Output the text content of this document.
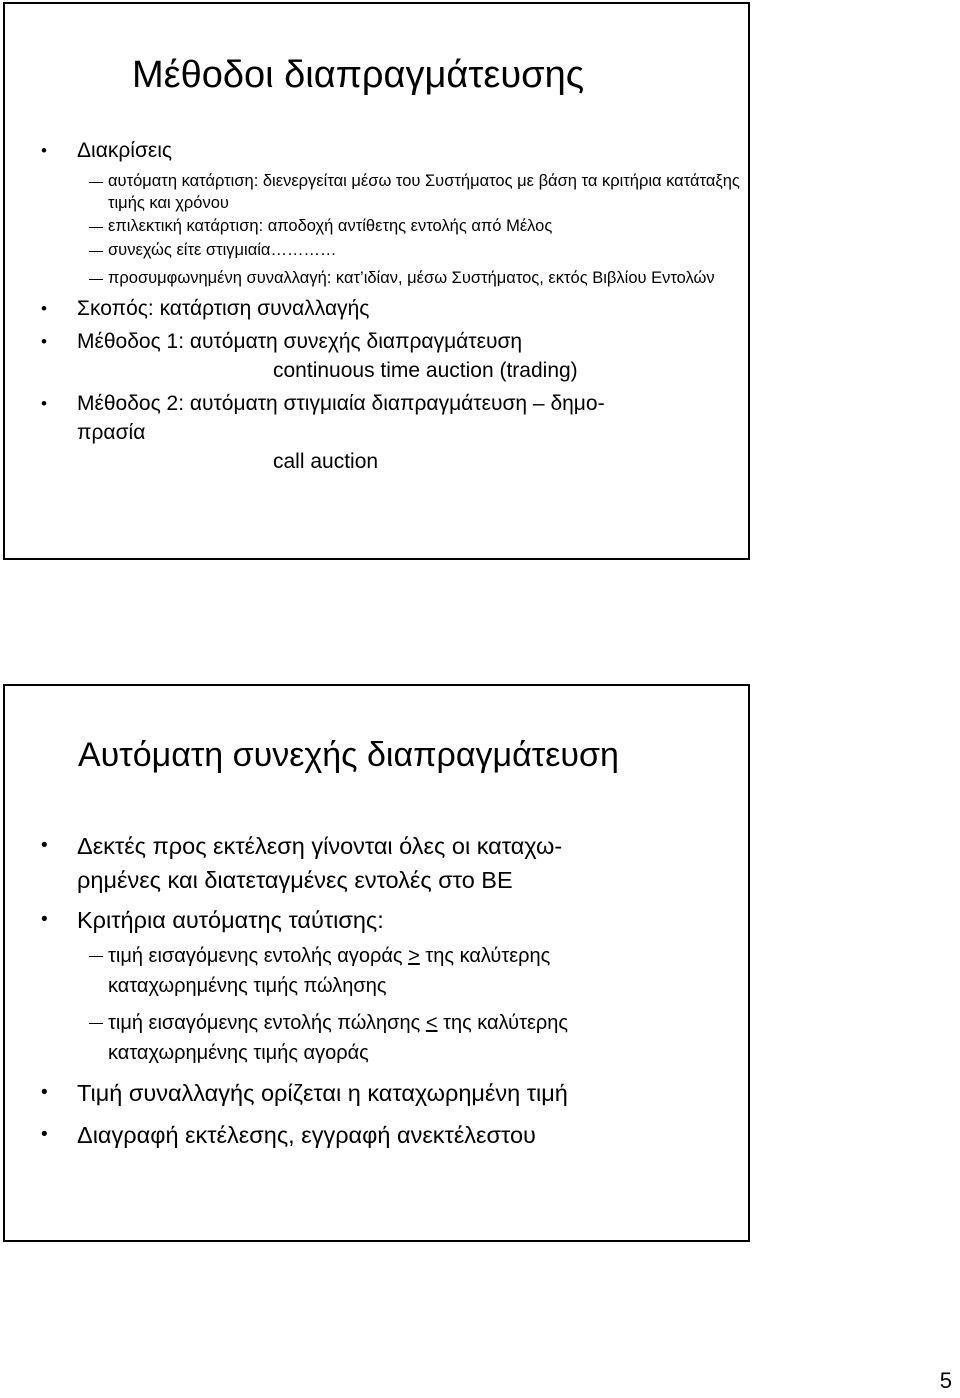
Μέθοδοι διαπραγμάτευσης
• Διακρίσεις
αυτόματη κατάρτιση: διενεργείται μέσω του Συστήματος με βάση τα κριτήρια κατάταξης τιμής και χρόνου
επιλεκτική κατάρτιση: αποδοχή αντίθετης εντολής από Μέλος
συνεχώς είτε στιγμιαία…………
προσυμφωνημένη συναλλαγή: κατ’ιδίαν, μέσω Συστήματος, εκτός Βιβλίου Εντολών
• Σκοπός: κατάρτιση συναλλαγής
• Μέθοδος 1: αυτόματη συνεχής διαπραγμάτευση
continuous time auction (trading)
• Μέθοδος 2: αυτόματη στιγμιαία διαπραγμάτευση – δημο-
πρασία
call auction
Αυτόματη συνεχής διαπραγμάτευση
• Δεκτές προς εκτέλεση γίνονται όλες οι καταχω-
ρημένες και διατεταγμένες εντολές στο ΒΕ
• Κριτήρια αυτόματης ταύτισης:
τιμή εισαγόμενης εντολής αγοράς > της καλύτερης
καταχωρημένης τιμής πώλησης
τιμή εισαγόμενης εντολής πώλησης < της καλύτερης
καταχωρημένης τιμής αγοράς
• Τιμή συναλλαγής ορίζεται η καταχωρημένη τιμή
• Διαγραφή εκτέλεσης, εγγραφή ανεκτέλεστου
5
